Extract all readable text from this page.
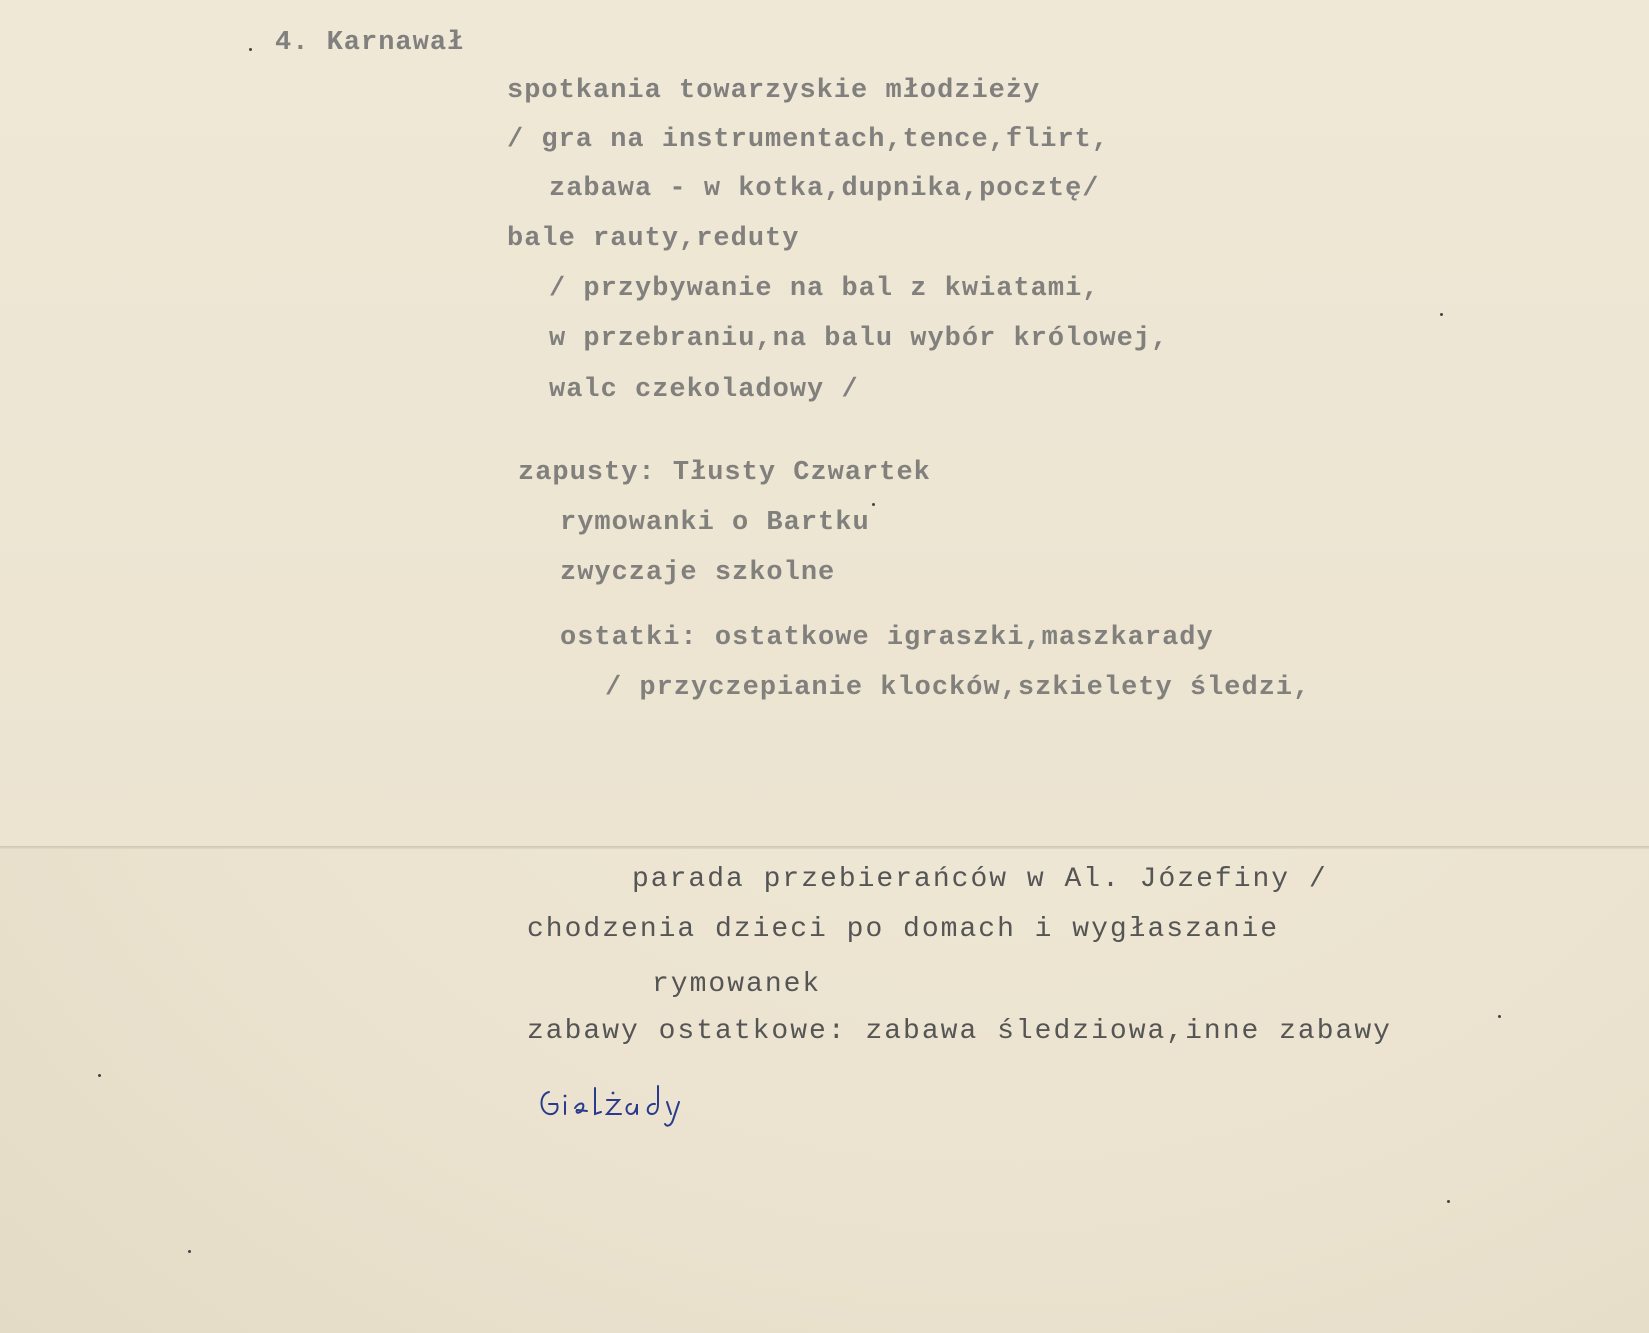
4. Karnawał
spotkania towarzyskie młodzieży
/ gra na instrumentach,tence,flirt,
zabawa - w kotka,dupnika,pocztę/
bale rauty,reduty
/ przybywanie na bal z kwiatami,
w przebraniu,na balu wybór królowej,
walc czekoladowy /
zapusty: Tłusty Czwartek
rymowanki o Bartku
zwyczaje szkolne
ostatki: ostatkowe igraszki,maszkarady
/ przyczepianie klocków,szkielety śledzi,
parada przebierańców w Al. Józefiny /
chodzenia dzieci po domach i wygłaszanie
rymowanek
zabawy ostatkowe: zabawa śledziowa,inne zabawy
